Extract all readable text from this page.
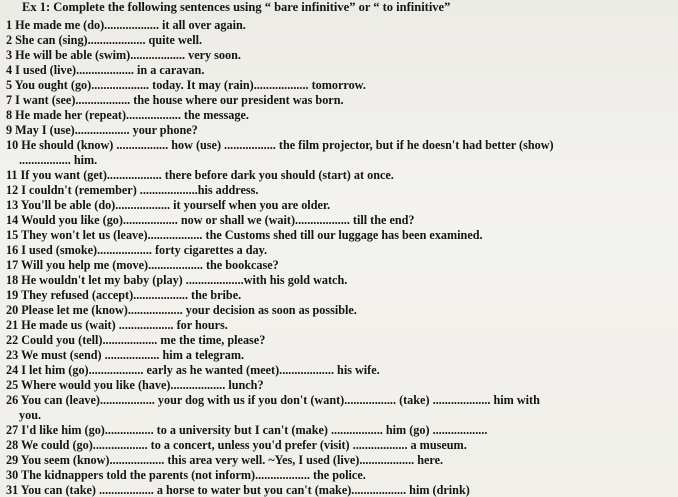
Ex 1: Complete the following sentences using “ bare infinitive” or “ to infinitive”
1 He made me (do).................. it all over again.
2 She can (sing)................... quite well.
3 He will be able (swim).................. very soon.
4 I used (live)................... in a caravan.
5 You ought (go)................... today. It may (rain).................. tomorrow.
7 I want (see).................. the house where our president was born.
8 He made her (repeat).................. the message.
9 May I (use).................. your phone?
10 He should (know) ................. how (use) ................. the film projector, but if he doesn't had better (show)
................. him.
11 If you want (get).................. there before dark you should (start) at once.
12 I couldn't (remember) ...................his address.
13 You'll be able (do).................. it yourself when you are older.
14 Would you like (go).................. now or shall we (wait).................. till the end?
15 They won't let us (leave).................. the Customs shed till our luggage has been examined.
16 I used (smoke).................. forty cigarettes a day.
17 Will you help me (move).................. the bookcase?
18 He wouldn't let my baby (play) ...................with his gold watch.
19 They refused (accept).................. the bribe.
20 Please let me (know).................. your decision as soon as possible.
21 He made us (wait) .................. for hours.
22 Could you (tell).................. me the time, please?
23 We must (send) .................. him a telegram.
24 I let him (go).................. early as he wanted (meet).................. his wife.
25 Where would you like (have).................. lunch?
26 You can (leave).................. your dog with us if you don't (want)................. (take) ................... him with
you.
27 I'd like him (go)................ to a university but I can't (make) ................. him (go) ..................
28 We could (go).................. to a concert, unless you'd prefer (visit) .................. a museum.
29 You seem (know).................. this area very well. ~Yes, I used (live).................. here.
30 The kidnappers told the parents (not inform).................. the police.
31 You can (take) .................. a horse to water but you can't (make).................. him (drink)
